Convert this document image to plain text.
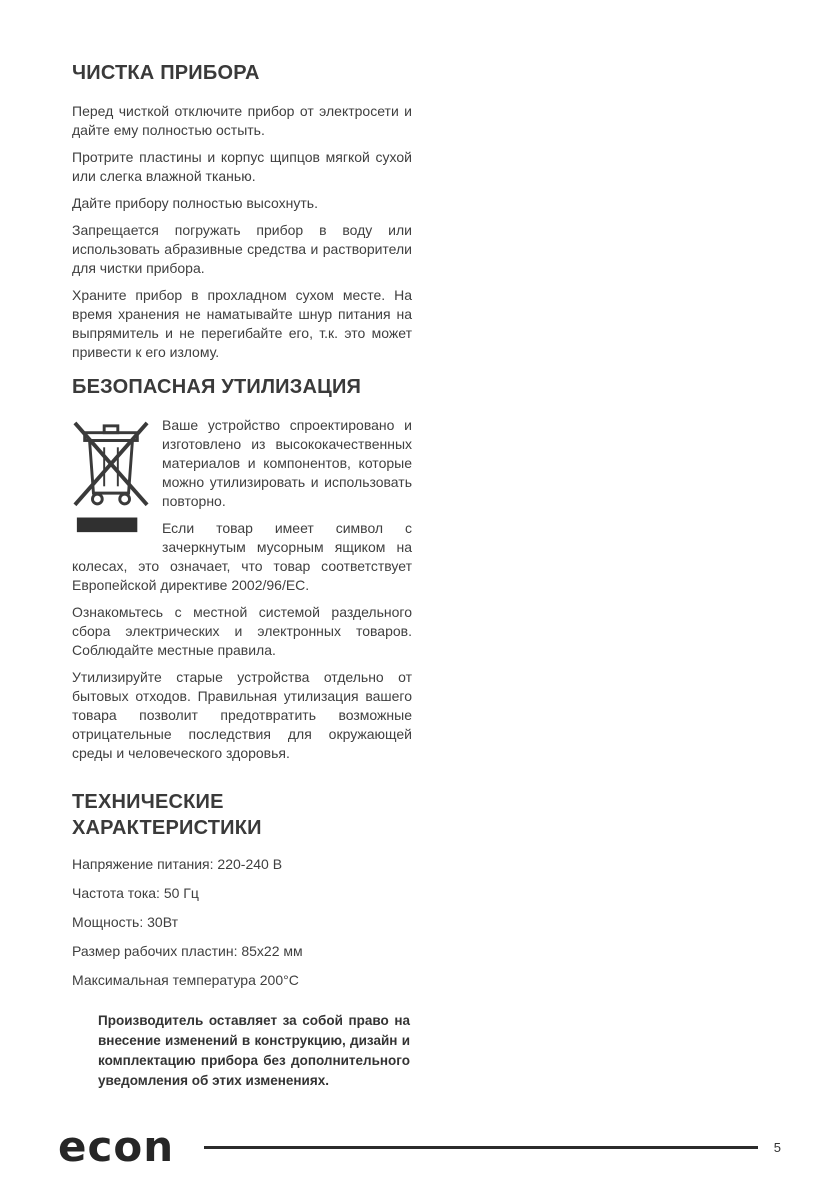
ЧИСТКА ПРИБОРА

Перед чисткой отключите прибор от электросети и дайте ему полностью остыть.

Протрите пластины и корпус щипцов мягкой сухой или слегка влажной тканью.

Дайте прибору полностью высохнуть.

Запрещается погружать прибор в воду или использовать абразивные средства и растворители для чистки прибора.

Храните прибор в прохладном сухом месте. На время хранения не наматывайте шнур питания на выпрямитель и не перегибайте его, т.к. это может привести к его излому.

БЕЗОПАСНАЯ УТИЛИЗАЦИЯ

Ваше устройство спроектировано и изготовлено из высококачественных материалов и компонентов, которые можно утилизировать и использовать повторно.

Если товар имеет символ с зачеркнутым мусорным ящиком на колесах, это означает, что товар соответствует Европейской директиве 2002/96/ЕС.

Ознакомьтесь с местной системой раздельного сбора электрических и электронных товаров. Соблюдайте местные правила.

Утилизируйте старые устройства отдельно от бытовых отходов. Правильная утилизация вашего товара позволит предотвратить возможные отрицательные последствия для окружающей среды и человеческого здоровья.

ТЕХНИЧЕСКИЕ ХАРАКТЕРИСТИКИ

Напряжение питания: 220-240 В

Частота тока: 50 Гц

Мощность: 30Вт

Размер рабочих пластин: 85х22 мм

Максимальная температура 200°С

Производитель оставляет за собой право на внесение изменений в конструкцию, дизайн и комплектацию прибора без дополнительного уведомления об этих изменениях.

econ	5
